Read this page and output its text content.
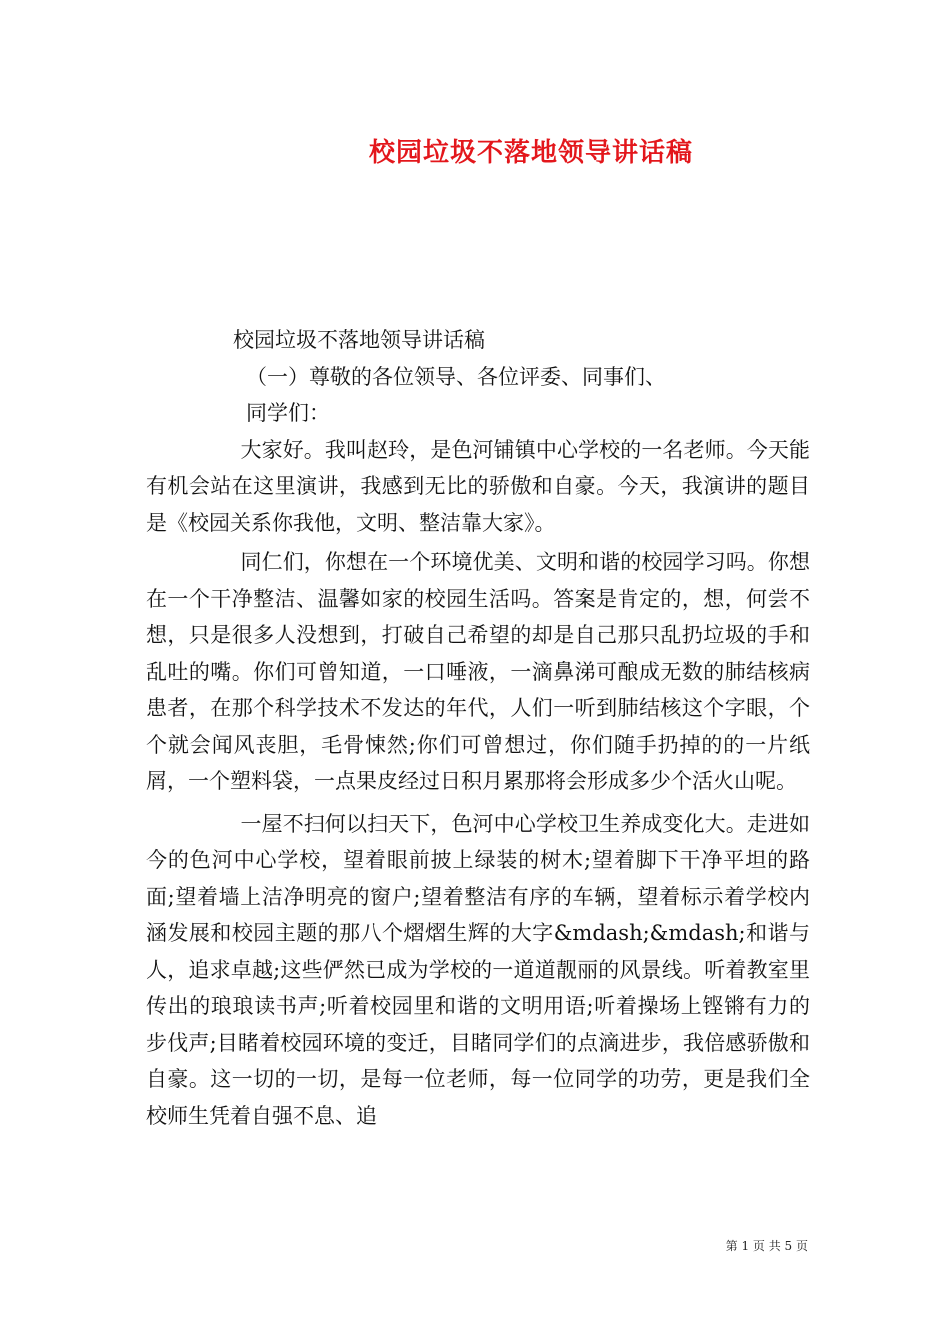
校园垃圾不落地领导讲话稿
校园垃圾不落地领导讲话稿
（一）尊敬的各位领导、各位评委、同事们、
同学们：

大家好。我叫赵玲，是色河铺镇中心学校的一名老师。今天能有机会站在这里演讲，我感到无比的骄傲和自豪。今天，我演讲的题目是《校园关系你我他，文明、整洁靠大家》。

同仁们，你想在一个环境优美、文明和谐的校园学习吗。你想在一个干净整洁、温馨如家的校园生活吗。答案是肯定的，想，何尝不想，只是很多人没想到，打破自己希望的却是自己那只乱扔垃圾的手和乱吐的嘴。你们可曾知道，一口唾液，一滴鼻涕可酿成无数的肺结核病患者，在那个科学技术不发达的年代，人们一听到肺结核这个字眼，个个就会闻风丧胆，毛骨悚然;你们可曾想过，你们随手扔掉的的一片纸屑，一个塑料袋，一点果皮经过日积月累那将会形成多少个活火山呢。

一屋不扫何以扫天下，色河中心学校卫生养成变化大。走进如今的色河中心学校，望着眼前披上绿装的树木;望着脚下干净平坦的路面;望着墙上洁净明亮的窗户;望着整洁有序的车辆，望着标示着学校内涵发展和校园主题的那八个熠熠生辉的大字&mdash;&mdash;和谐与人，追求卓越;这些俨然已成为学校的一道道靓丽的风景线。听着教室里传出的琅琅读书声;听着校园里和谐的文明用语;听着操场上铿锵有力的步伐声;目睹着校园环境的变迁，目睹同学们的点滴进步，我倍感骄傲和自豪。这一切的一切，是每一位老师，每一位同学的功劳，更是我们全校师生凭着自强不息、追

第 1 页 共 5 页
